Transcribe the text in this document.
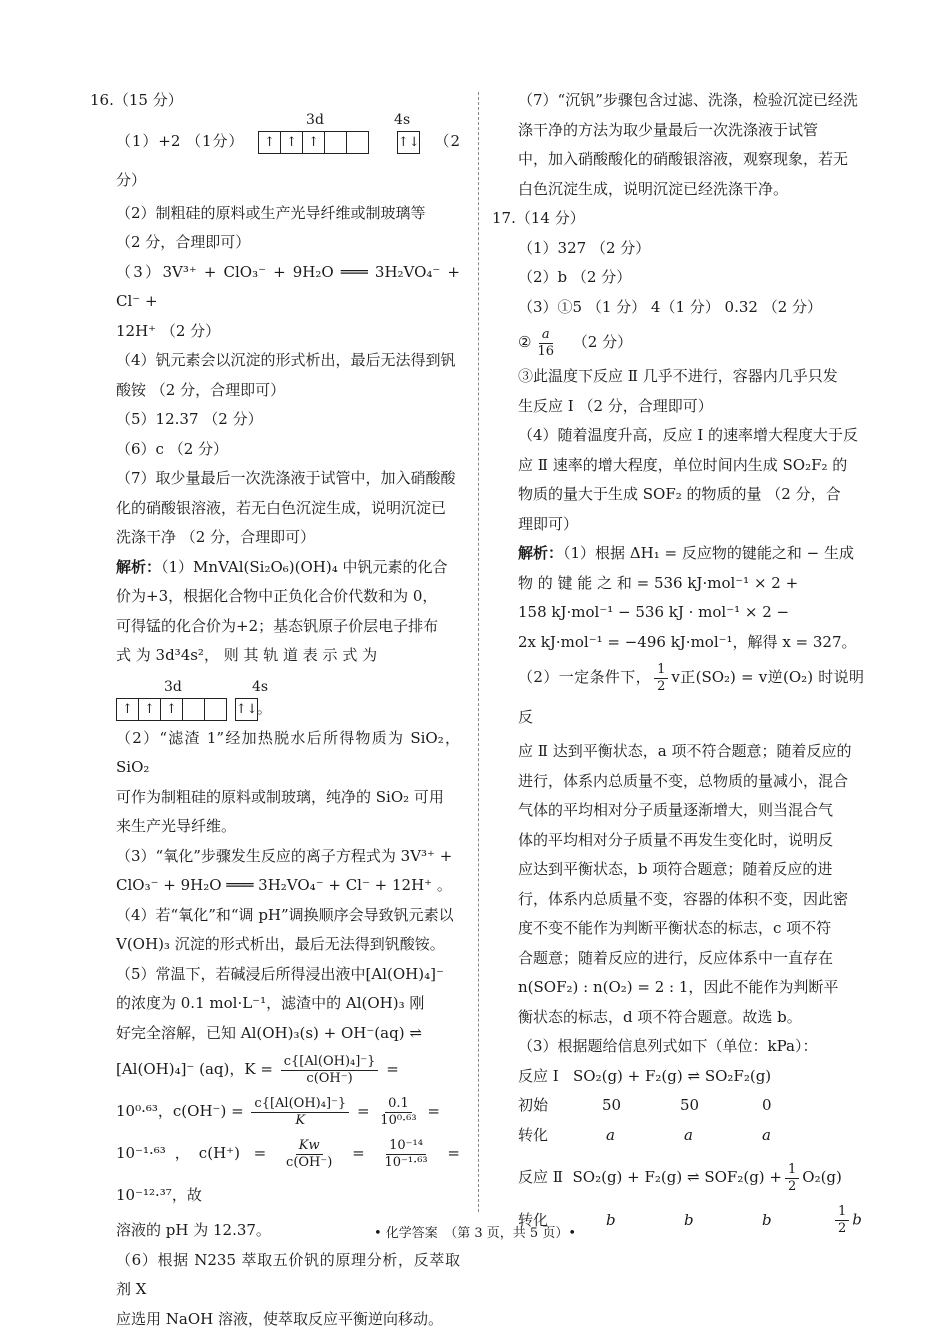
16.（15 分）

（1）+2 （1分）
3d	4s
↑ ↑ ↑	↑↓ （2 分）

（2）制粗硅的原料或生产光导纤维或制玻璃等

（2 分，合理即可）

（3）3V³⁺ + ClO₃⁻ + 9H₂O ═══ 3H₂VO₄⁻ + Cl⁻ +

12H⁺ （2 分）

（4）钒元素会以沉淀的形式析出，最后无法得到钒

酸铵 （2 分，合理即可）

（5）12.37 （2 分）

（6）c （2 分）

（7）取少量最后一次洗涤液于试管中，加入硝酸酸

化的硝酸银溶液，若无白色沉淀生成，说明沉淀已

洗涤干净 （2 分，合理即可）

解析：（1）MnVAl(Si₂O₆)(OH)₄ 中钒元素的化合

价为+3，根据化合物中正负化合价代数和为 0，

可得锰的化合价为+2；基态钒原子价层电子排布

式 为 3d³4s²， 则 其 轨 道 表 示 式 为

3d	4s
↑ ↑ ↑	↑↓。

（2）“滤渣 1”经加热脱水后所得物质为 SiO₂，SiO₂

可作为制粗硅的原料或制玻璃，纯净的 SiO₂ 可用

来生产光导纤维。

（3）“氧化”步骤发生反应的离子方程式为 3V³⁺ +

ClO₃⁻ + 9H₂O ═══ 3H₂VO₄⁻ + Cl⁻ + 12H⁺ 。

（4）若“氧化”和“调 pH”调换顺序会导致钒元素以

V(OH)₃ 沉淀的形式析出，最后无法得到钒酸铵。

（5）常温下，若碱浸后所得浸出液中[Al(OH)₄]⁻

的浓度为 0.1 mol·L⁻¹，滤渣中的 Al(OH)₃ 刚

好完全溶解，已知 Al(OH)₃(s) + OH⁻(aq) ⇌

[Al(OH)₄]⁻ (aq)，$K = \frac{\text{c\{[Al(OH)₄]⁻\}}}{c(OH^-)}$ =

10⁰·⁶³，$c(OH^-) = \frac{\text{c\{[Al(OH)₄]⁻\}}}{K} = \frac{0.1}{\text{10⁰·⁶³}}$ =

10⁻¹·⁶³，$c(H^+) = \frac{Kw}{c(OH^-)} = \frac{\text{10⁻¹⁴}}{\text{10⁻¹·⁶³}} = 10^{-12}\cdot^{37}$，故

溶液的 pH 为 12.37。

（6）根据 N235 萃取五价钒的原理分析，反萃取剂 X

应选用 NaOH 溶液，使萃取反应平衡逆向移动。

（7）“沉钒”步骤包含过滤、洗涤，检验沉淀已经洗

涤干净的方法为取少量最后一次洗涤液于试管

中，加入硝酸酸化的硝酸银溶液，观察现象，若无

白色沉淀生成，说明沉淀已经洗涤干净。

17.（14 分）

（1）327 （2 分）

（2）b （2 分）

（3）①5 （1 分） 4（1 分） 0.32 （2 分）

② $\frac{a}{16} (2$ 分）

③此温度下反应 Ⅱ 几乎不进行，容器内几乎只发

生反应 Ⅰ （2 分，合理即可）

（4）随着温度升高，反应 Ⅰ 的速率增大程度大于反

应 Ⅱ 速率的增大程度，单位时间内生成 SO₂F₂ 的

物质的量大于生成 SOF₂ 的物质的量 （2 分，合

理即可）

解析：（1）根据 ΔH₁ = 反应物的键能之和 − 生成

物 的 键 能 之 和 = 536 kJ·mol⁻¹ × 2 +

158 kJ·mol⁻¹ − 536 kJ · mol⁻¹ × 2 −

2x kJ·mol⁻¹ = −496 kJ·mol⁻¹，解得 x = 327。

（2）一定条件下， $\frac{1}{2}$ v正(SO₂) = v逆(O₂) 时说明反

应 Ⅱ 达到平衡状态，a 项不符合题意；随着反应的

进行，体系内总质量不变，总物质的量减小，混合

气体的平均相对分子质量逐渐增大，则当混合气

体的平均相对分子质量不再发生变化时，说明反

应达到平衡状态，b 项符合题意；随着反应的进

行，体系内总质量不变，容器的体积不变，因此密

度不变不能作为判断平衡状态的标志，c 项不符

合题意；随着反应的进行，反应体系中一直存在

n(SOF₂) : n(O₂) = 2 : 1，因此不能作为判断平

衡状态的标志，d 项不符合题意。故选 b。

（3）根据题给信息列式如下（单位：kPa）：

反应 Ⅰ SO₂(g) + F₂(g) ⇌ SO₂F₂(g)
初始	50	50	0
转化	a	a	a
反应 Ⅱ SO₂(g) + F₂(g) ⇌ $SOF_2(g) + \frac{1}{2} O_2(g)$
转化	b	b	b	$\frac{1}{2}$ b
• 化学答案　（第 3 页，共 5 页）•
